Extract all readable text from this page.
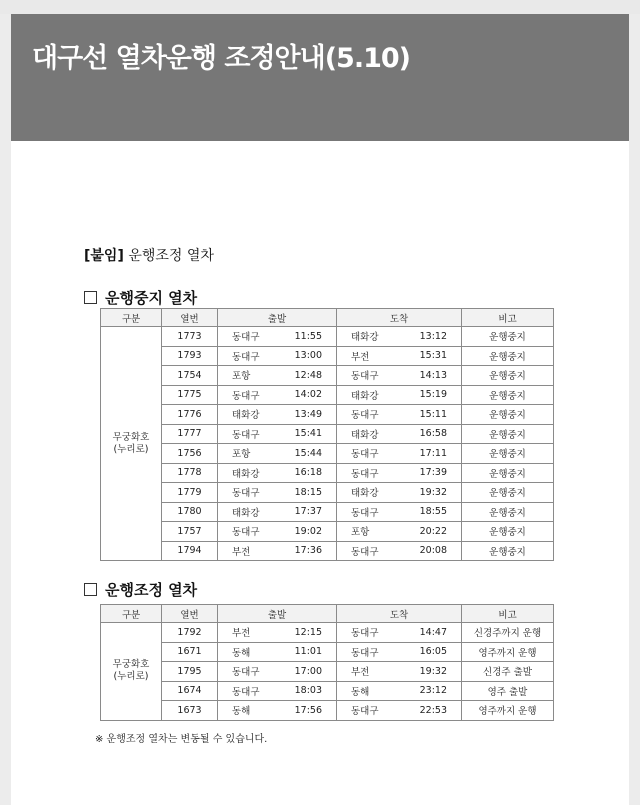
대구선 열차운행 조정안내(5.10)
[붙임] 운행조정 열차
운행중지 열차
구분	열번	출발		도착		비고
무궁화호
(누리로)	1773	동대구	11:55	태화강	13:12	운행중지
	1793	동대구	13:00	부전	15:31	운행중지
	1754	포항	12:48	동대구	14:13	운행중지
	1775	동대구	14:02	태화강	15:19	운행중지
	1776	태화강	13:49	동대구	15:11	운행중지
	1777	동대구	15:41	태화강	16:58	운행중지
	1756	포항	15:44	동대구	17:11	운행중지
	1778	태화강	16:18	동대구	17:39	운행중지
	1779	동대구	18:15	태화강	19:32	운행중지
	1780	태화강	17:37	동대구	18:55	운행중지
	1757	동대구	19:02	포항	20:22	운행중지
	1794	부전	17:36	동대구	20:08	운행중지
운행조정 열차
구분	열번	출발		도착		비고
무궁화호
(누리로)	1792	부전	12:15	동대구	14:47	신경주까지 운행
	1671	동해	11:01	동대구	16:05	영주까지 운행
	1795	동대구	17:00	부전	19:32	신경주 출발
	1674	동대구	18:03	동해	23:12	영주 출발
	1673	동해	17:56	동대구	22:53	영주까지 운행
※ 운행조정 열차는 변동될 수 있습니다.
